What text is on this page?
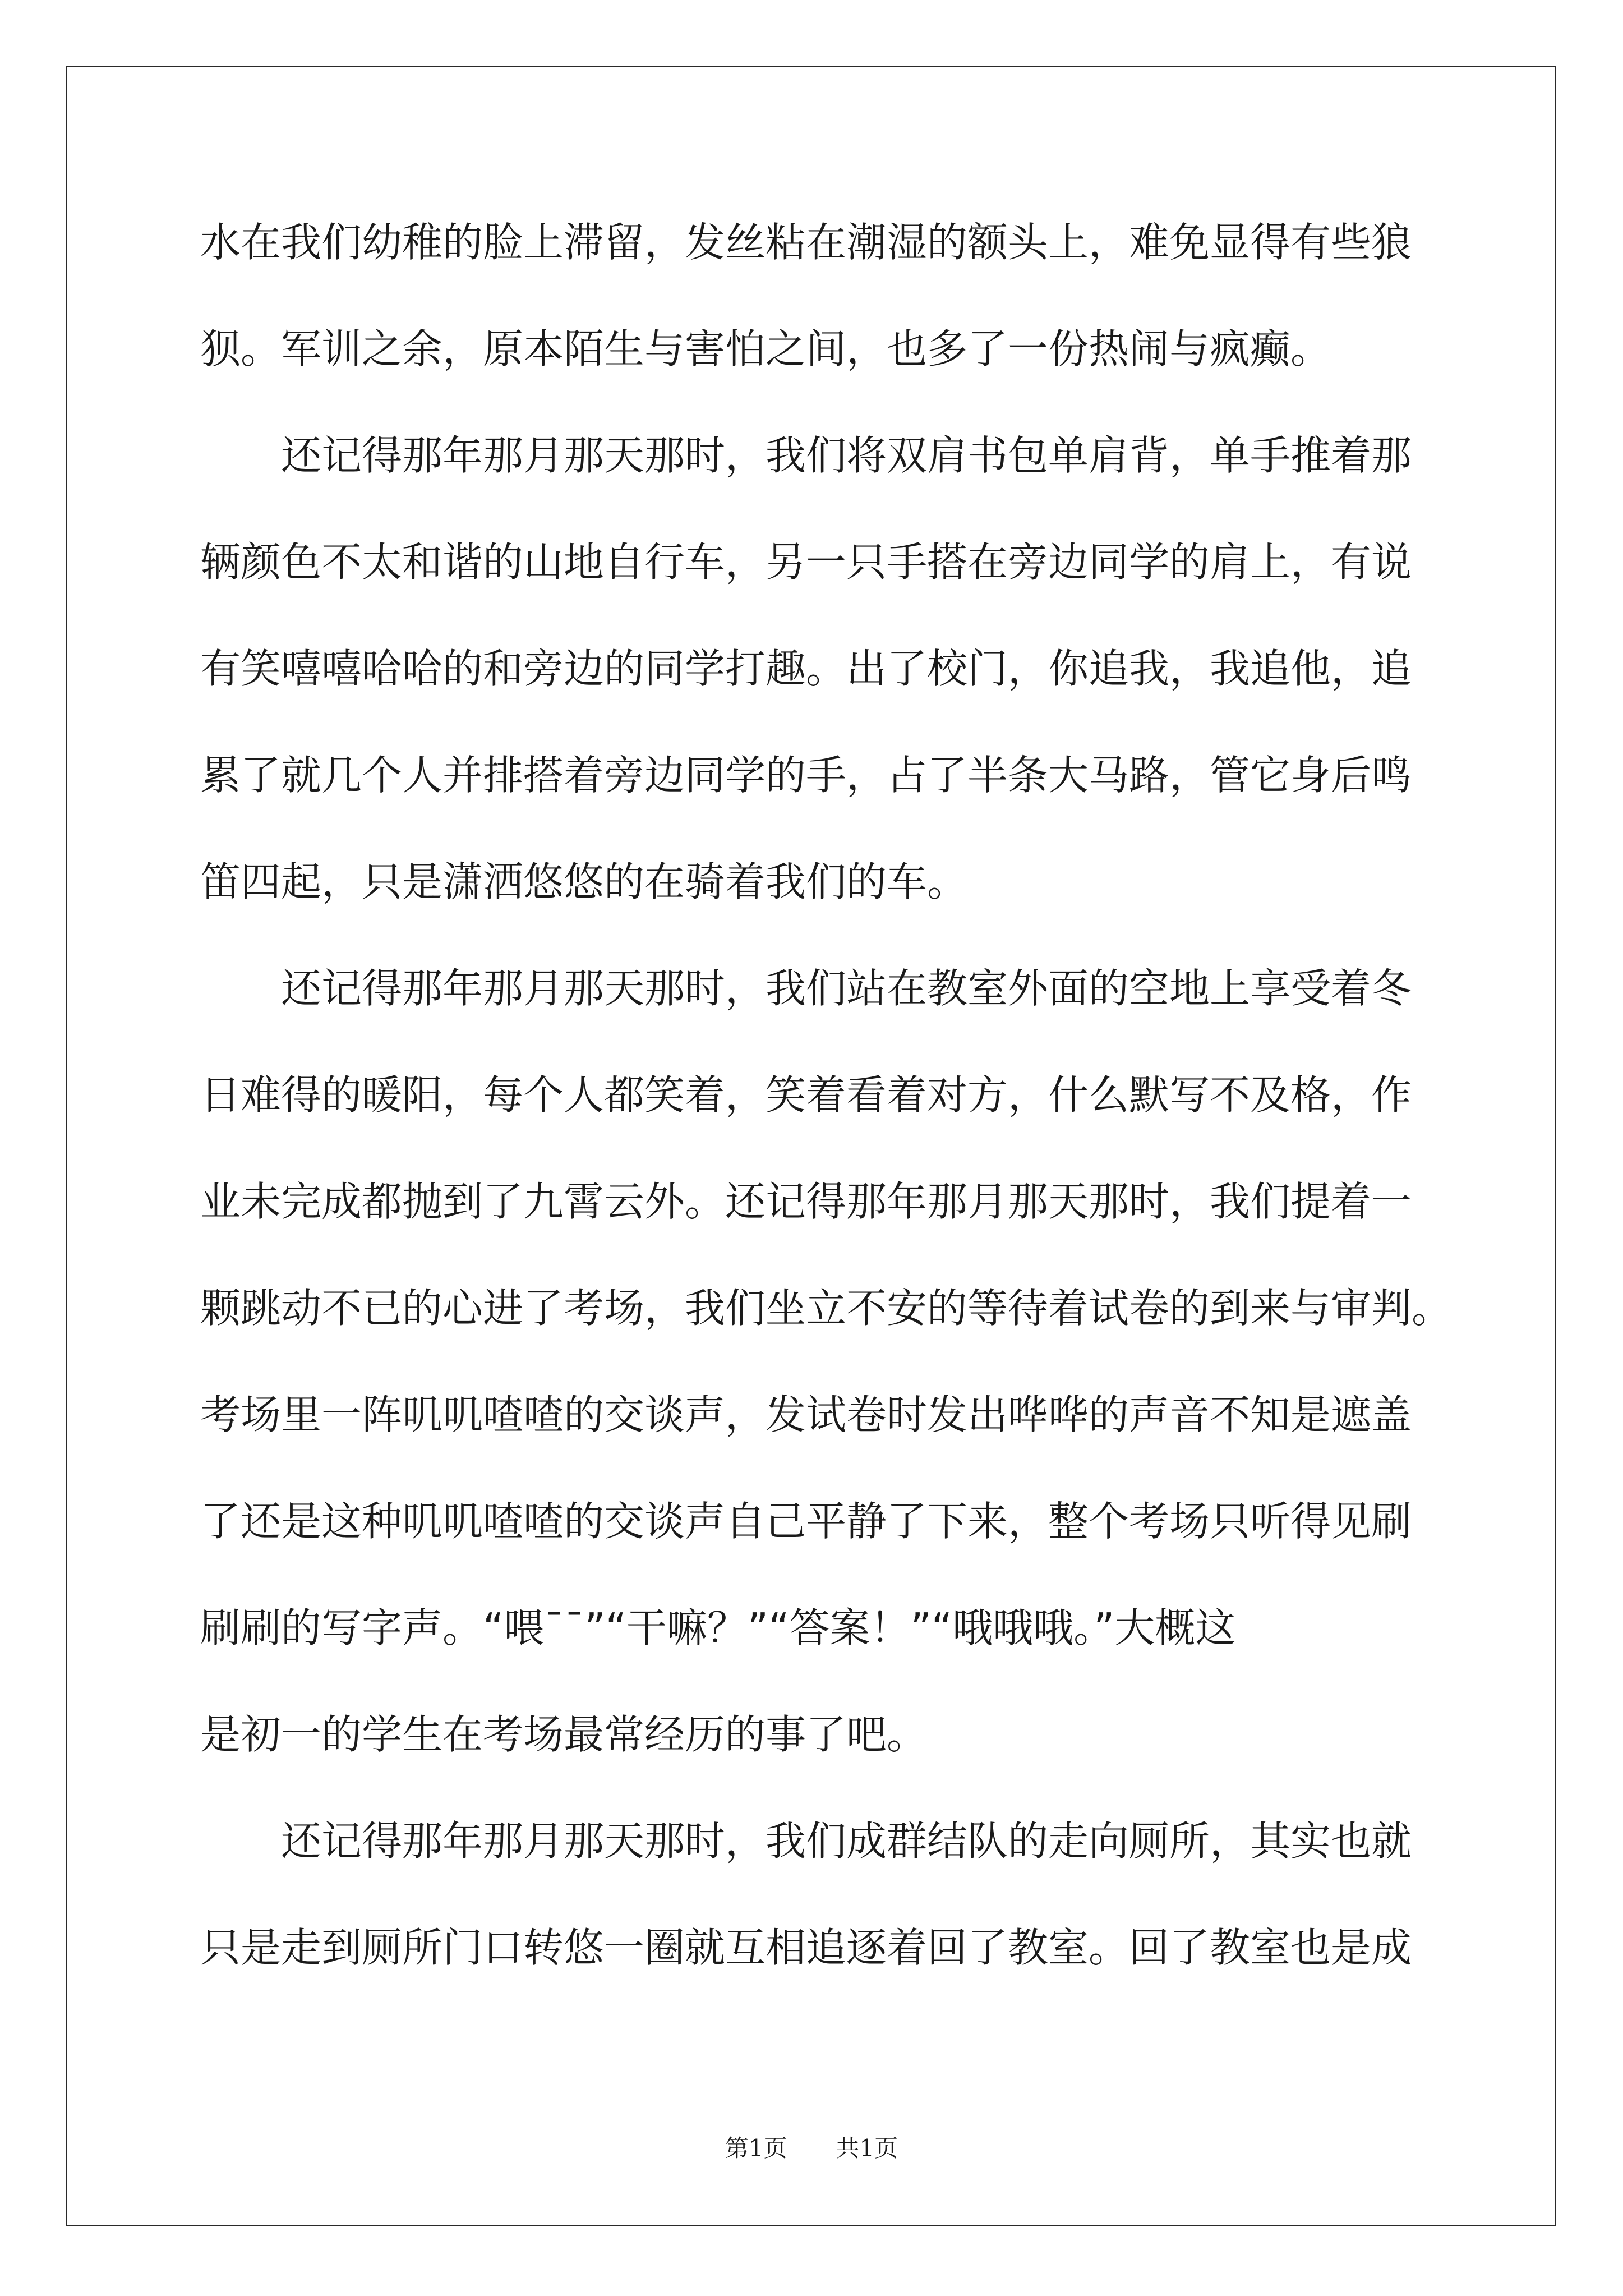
水在我们幼稚的脸上滞留，发丝粘在潮湿的额头上，难免显得有些狼
狈。军训之余，原本陌生与害怕之间，也多了一份热闹与疯癫。
　　还记得那年那月那天那时，我们将双肩书包单肩背，单手推着那
辆颜色不太和谐的山地自行车，另一只手搭在旁边同学的肩上，有说
有笑嘻嘻哈哈的和旁边的同学打趣。出了校门，你追我，我追他，追
累了就几个人并排搭着旁边同学的手，占了半条大马路，管它身后鸣
笛四起，只是潇洒悠悠的在骑着我们的车。
　　还记得那年那月那天那时，我们站在教室外面的空地上享受着冬
日难得的暖阳，每个人都笑着，笑着看着对方，什么默写不及格，作
业未完成都抛到了九霄云外。还记得那年那月那天那时，我们提着一
颗跳动不已的心进了考场，我们坐立不安的等待着试卷的到来与审判。
考场里一阵叽叽喳喳的交谈声，发试卷时发出哗哗的声音不知是遮盖
了还是这种叽叽喳喳的交谈声自己平静了下来，整个考场只听得见刷
刷刷的写字声。“喂¯¯”“干嘛？”“答案！”“哦哦哦。”大概这
是初一的学生在考场最常经历的事了吧。
　　还记得那年那月那天那时，我们成群结队的走向厕所，其实也就
只是走到厕所门口转悠一圈就互相追逐着回了教室。回了教室也是成
第1页 共1页
